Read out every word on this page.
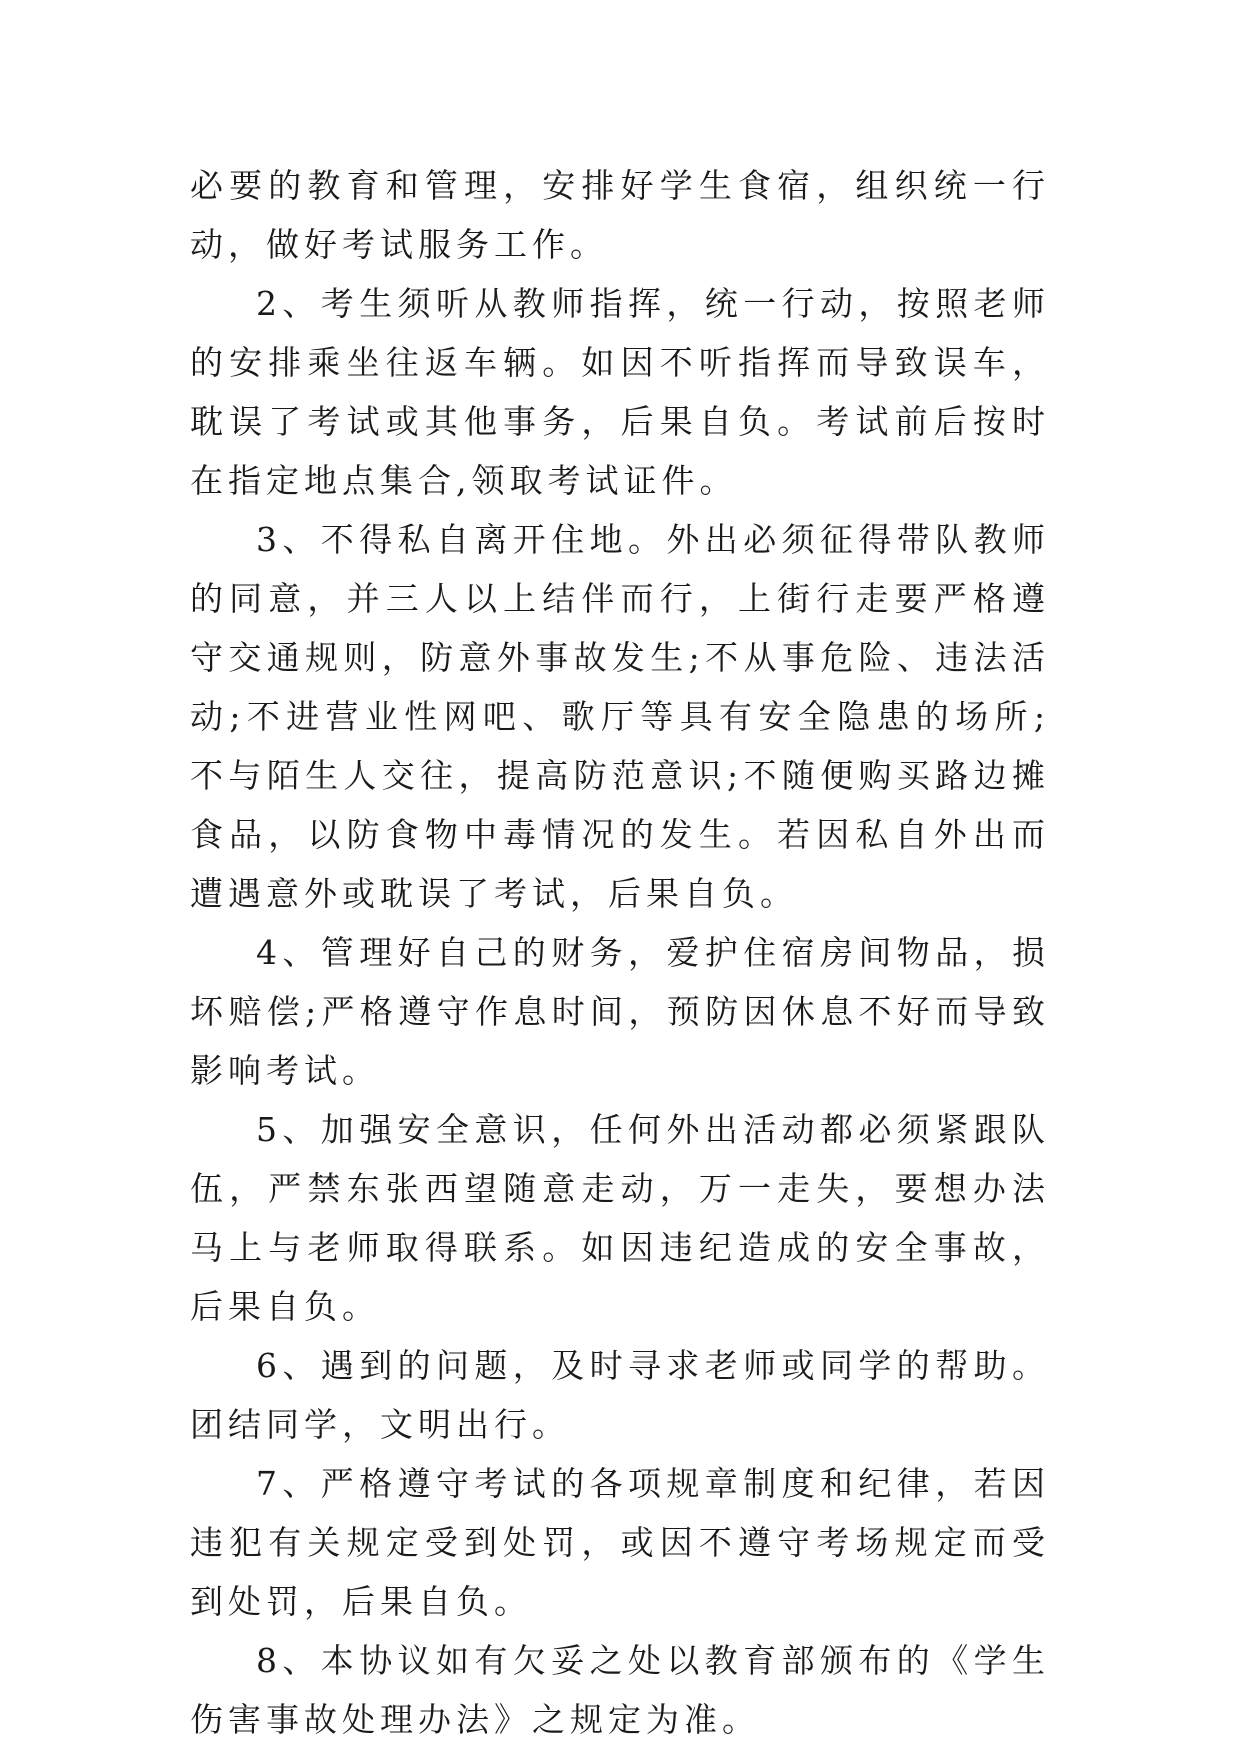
必要的教育和管理，安排好学生食宿，组织统一行动，做好考试服务工作。

2、考生须听从教师指挥，统一行动，按照老师的安排乘坐往返车辆。如因不听指挥而导致误车，耽误了考试或其他事务，后果自负。考试前后按时在指定地点集合,领取考试证件。

3、不得私自离开住地。外出必须征得带队教师的同意，并三人以上结伴而行，上街行走要严格遵守交通规则，防意外事故发生;不从事危险、违法活动;不进营业性网吧、歌厅等具有安全隐患的场所;不与陌生人交往，提高防范意识;不随便购买路边摊食品，以防食物中毒情况的发生。若因私自外出而遭遇意外或耽误了考试，后果自负。

4、管理好自己的财务，爱护住宿房间物品，损坏赔偿;严格遵守作息时间，预防因休息不好而导致影响考试。

5、加强安全意识，任何外出活动都必须紧跟队伍，严禁东张西望随意走动，万一走失，要想办法马上与老师取得联系。如因违纪造成的安全事故，后果自负。

6、遇到的问题，及时寻求老师或同学的帮助。团结同学，文明出行。

7、严格遵守考试的各项规章制度和纪律，若因违犯有关规定受到处罚，或因不遵守考场规定而受到处罚，后果自负。

8、本协议如有欠妥之处以教育部颁布的《学生伤害事故处理办法》之规定为准。
